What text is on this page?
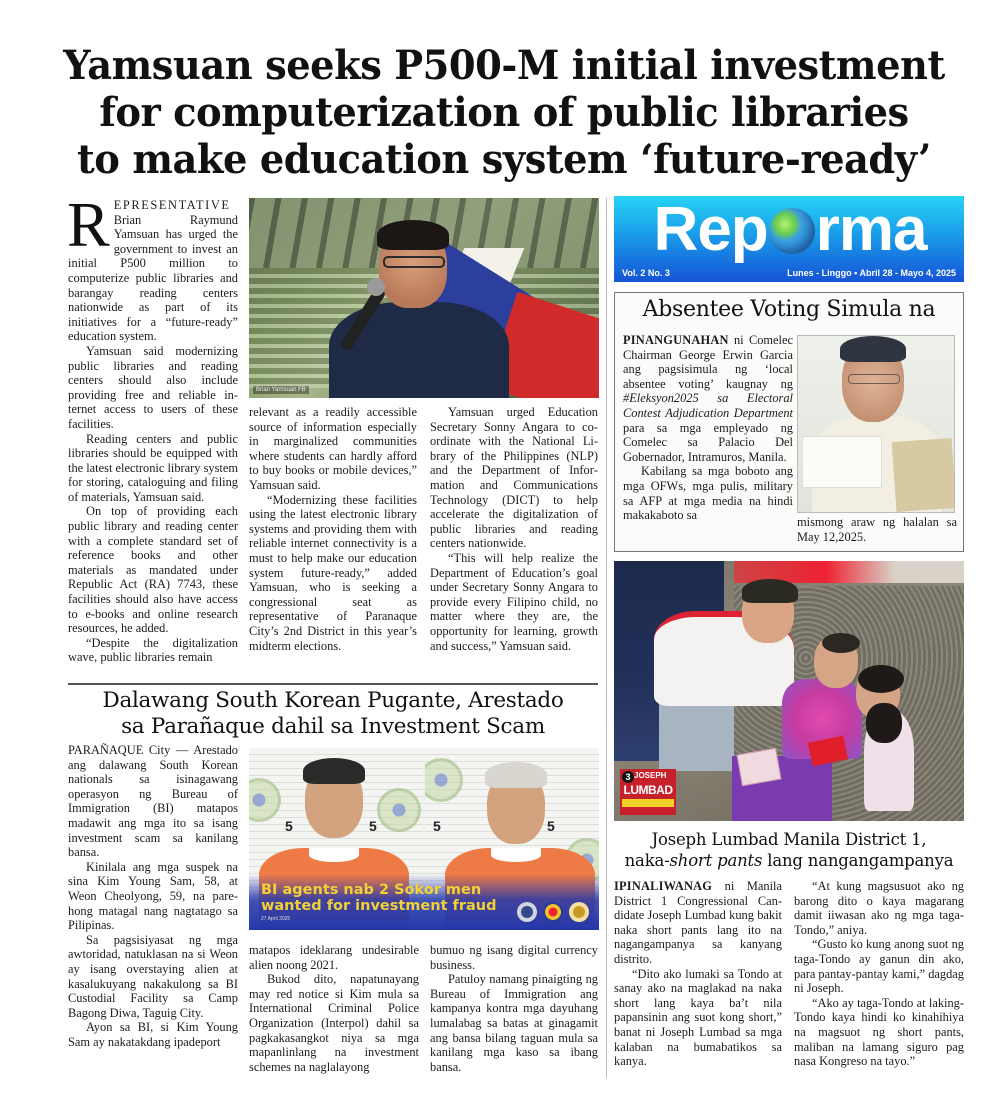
Yamsuan seeks P500-M initial investment
for computerization of public libraries
to make education system ‘future-ready’
R EPRESENTATIVE Brian Raymund Yamsuan has urged the government to invest an initial P500 million to computerize public libraries and barangay reading centers nationwide as part of its initiatives for a “future-ready” education system.

Yamsuan said modernizing public libraries and reading centers should also include providing free and reliable internet access to users of these facilities.

Reading centers and public libraries should be equipped with the latest electronic library system for storing, cataloguing and filing of materials, Yamsuan said.

On top of providing each public library and reading center with a complete standard set of reference books and other materials as mandated under Republic Act (RA) 7743, these facilities should also have access to e-books and online research resources, he added.

“Despite the digitalization wave, public libraries remain

Brian Yamsuan FB

relevant as a readily accessible source of information especially in marginalized communities where students can hardly afford to buy books or mobile devices,” Yamsuan said.

“Modernizing these facilities using the latest electronic library systems and providing them with reliable internet connectivity is a must to help make our education system future-ready,” added Yamsuan, who is seeking a congressional seat as representative of Paranaque City’s 2nd District in this year’s midterm elections.

Yamsuan urged Education Secretary Sonny Angara to coordinate with the National Library of the Philippines (NLP) and the Department of Information and Communications Technology (DICT) to help accelerate the digitalization of public libraries and reading centers nationwide.

“This will help realize the Department of Education’s goal under Secretary Sonny Angara to provide every Filipino child, no matter where they are, the opportunity for learning, growth and success,” Yamsuan said.

Rep rma
Vol. 2 No. 3	Lunes - Linggo • Abril 28 - Mayo 4, 2025
Absentee Voting Simula na

PINANGUNAHAN ni Comelec Chairman George Erwin Garcia ang pagsisimula ng ‘local absentee voting’ kaugnay ng #Eleksyon2025 sa Electoral Contest Adjudication Department para sa mga empleyado ng Comelec sa Palacio Del Gobernador, Intramuros, Manila.

Kabilang sa mga boboto ang mga OFWs, mga pulis, military sa AFP at mga media na hindi makakaboto sa	mismong araw ng halalan sa May 12,2025.

3 JOSEPH
LUMBAD
Joseph Lumbad Manila District 1,
naka-short pants lang nangangampanya

IPINALIWANAG ni Manila District 1 Congressional Candidate Joseph Lumbad kung bakit naka short pants lang ito na nagangampanya sa kanyang distrito.

“Dito ako lumaki sa Tondo at sanay ako na maglakad na naka short lang kaya ba’t nila papansinin ang suot kong short,” banat ni Joseph Lumbad sa mga kalaban na bumabatikos sa kanya.

“At kung magsusuot ako ng barong dito o kaya magarang damit iiwasan ako ng mga taga-Tondo,” aniya.

“Gusto ko kung anong suot ng taga-Tondo ay ganun din ako, para pantay-pantay kami,” dagdag ni Joseph.

“Ako ay taga-Tondo at laking-Tondo kaya hindi ko kinahihiya na magsuot ng short pants, maliban na lamang siguro pag nasa Kongreso na tayo.”

Dalawang South Korean Pugante, Arestado
sa Parañaque dahil sa Investment Scam

PARAÑAQUE City — Arestado ang dalawang South Korean nationals sa isinagawang operasyon ng Bureau of Immigration (BI) matapos madawit ang mga ito sa isang investment scam sa kanilang bansa.

Kinilala ang mga suspek na sina Kim Young Sam, 58, at Weon Cheolyong, 59, na parehong matagal nang nagtatago sa Pilipinas.

Sa pagsisiyasat ng mga awtoridad, natuklasan na si Weon ay isang overstaying alien at kasalukuyang nakakulong sa BI Custodial Facility sa Camp Bagong Diwa, Taguig City.

Ayon sa BI, si Kim Young Sam ay nakatakdang ipadeport

5	5	5	5
BI agents nab 2 Sokor men
wanted for investment fraud
27 April 2025

matapos ideklarang undesirable alien noong 2021.

Bukod dito, napatunayang may red notice si Kim mula sa International Criminal Police Organization (Interpol) dahil sa pagkakasangkot niya sa mga mapanlinlang na investment schemes na naglalayong

bumuo ng isang digital currency business.

Patuloy namang pinaigting ng Bureau of Immigration ang kampanya kontra mga dayuhang lumalabag sa batas at ginagamit ang bansa bilang taguan mula sa kanilang mga kaso sa ibang bansa.
